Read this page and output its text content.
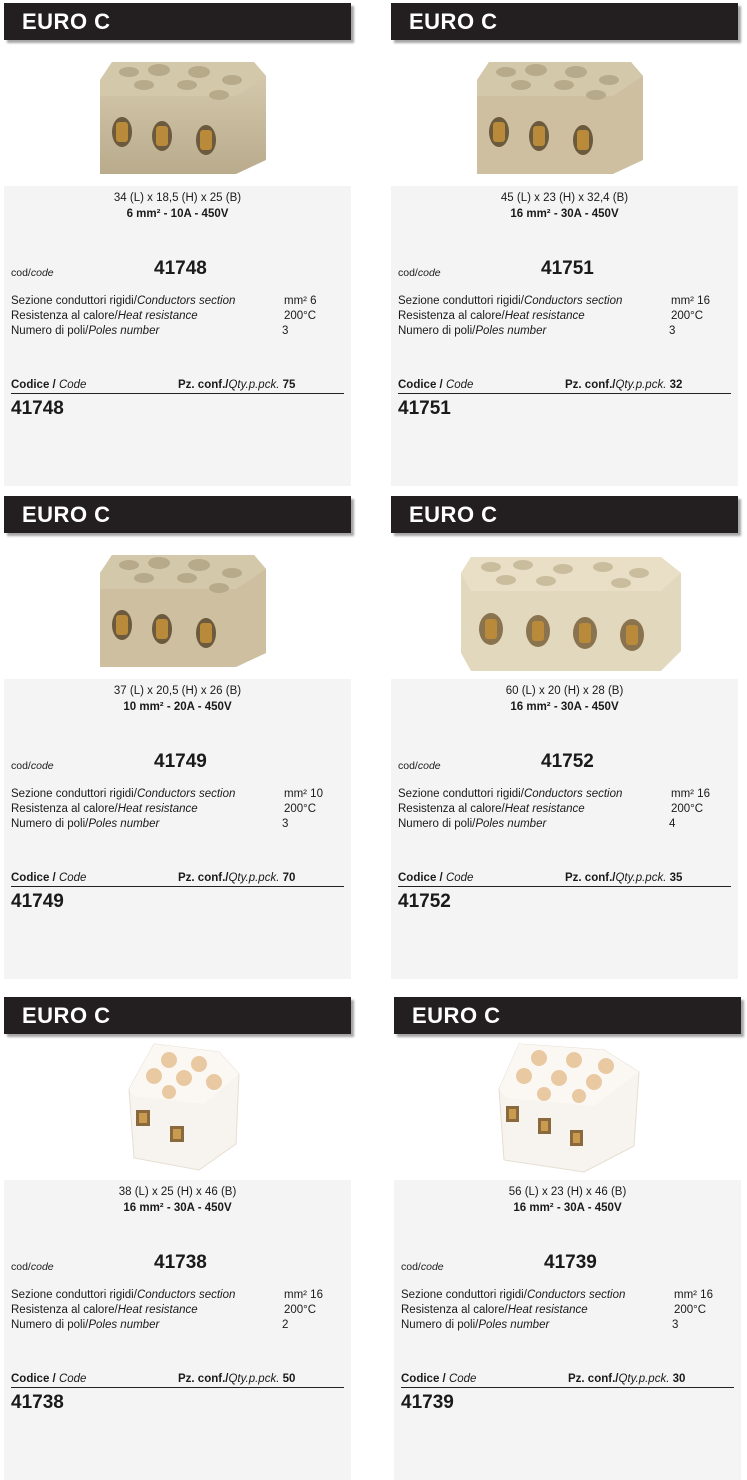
EURO C
34 (L) x 18,5 (H) x 25 (B)
6 mm² - 10A - 450V
cod/code	41748
Sezione conduttori rigidi/Conductors section	mm² 6
Resistenza al calore/Heat resistance	200°C
Numero di poli/Poles number	3
Codice / Code	Pz. conf./Qty.p.pck. 75
41748
EURO C
45 (L) x 23 (H) x 32,4 (B)
16 mm² - 30A - 450V
cod/code	41751
Sezione conduttori rigidi/Conductors section	mm² 16
Resistenza al calore/Heat resistance	200°C
Numero di poli/Poles number	3
Codice / Code	Pz. conf./Qty.p.pck. 32
41751
EURO C
37 (L) x 20,5 (H) x 26 (B)
10 mm² - 20A - 450V
cod/code	41749
Sezione conduttori rigidi/Conductors section	mm² 10
Resistenza al calore/Heat resistance	200°C
Numero di poli/Poles number	3
Codice / Code	Pz. conf./Qty.p.pck. 70
41749
EURO C
60 (L) x 20 (H) x 28 (B)
16 mm² - 30A - 450V
cod/code	41752
Sezione conduttori rigidi/Conductors section	mm² 16
Resistenza al calore/Heat resistance	200°C
Numero di poli/Poles number	4
Codice / Code	Pz. conf./Qty.p.pck. 35
41752
EURO C
38 (L) x 25 (H) x 46 (B)
16 mm² - 30A - 450V
cod/code	41738
Sezione conduttori rigidi/Conductors section	mm² 16
Resistenza al calore/Heat resistance	200°C
Numero di poli/Poles number	2
Codice / Code	Pz. conf./Qty.p.pck. 50
41738
EURO C
56 (L) x 23 (H) x 46 (B)
16 mm² - 30A - 450V
cod/code	41739
Sezione conduttori rigidi/Conductors section	mm² 16
Resistenza al calore/Heat resistance	200°C
Numero di poli/Poles number	3
Codice / Code	Pz. conf./Qty.p.pck. 30
41739
